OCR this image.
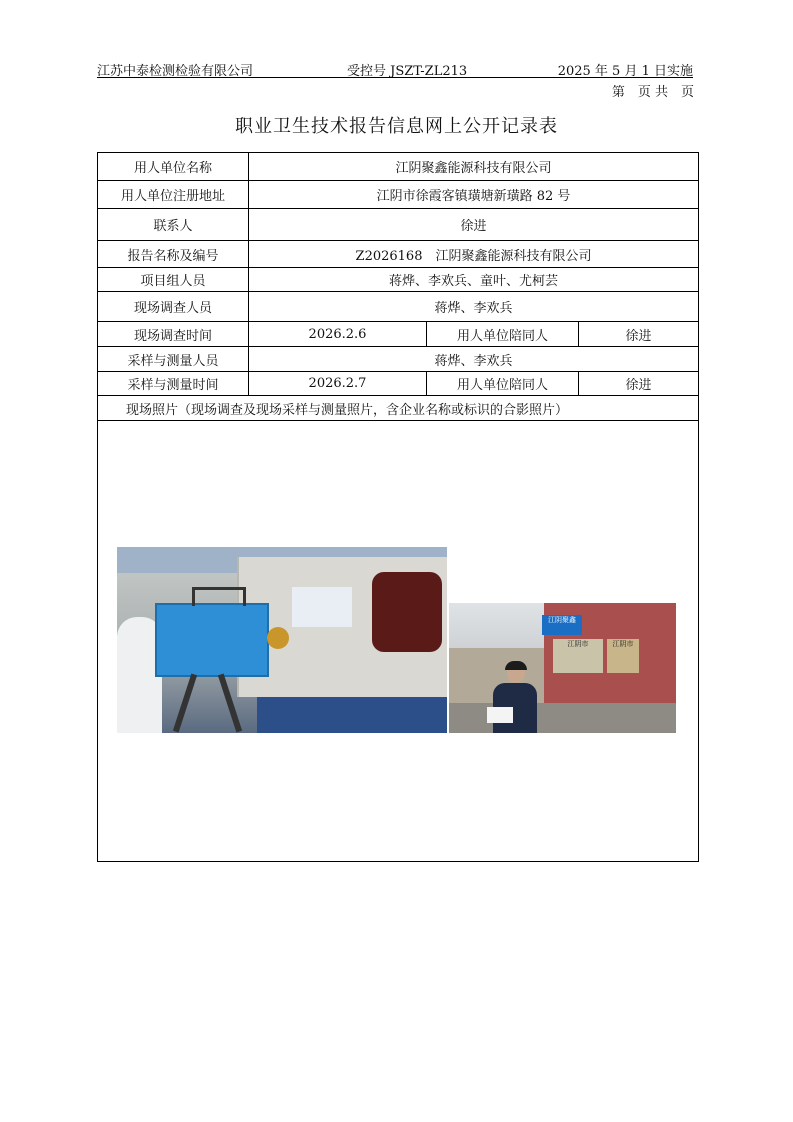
江苏中泰检测检验有限公司	受控号 JSZT-ZL213	2025 年 5 月 1 日实施
第　页 共　页
职业卫生技术报告信息网上公开记录表
用人单位名称	江阴聚鑫能源科技有限公司		
用人单位注册地址	江阴市徐霞客镇璜塘新璜路 82 号		
联系人	徐进		
报告名称及编号	Z2026168　江阴聚鑫能源科技有限公司		
项目组人员	蒋烨、李欢兵、童叶、尤柯芸		
现场调查人员	蒋烨、李欢兵		
现场调查时间	2026.2.6	用人单位陪同人	徐进
采样与测量人员	蒋烨、李欢兵		
采样与测量时间	2026.2.7	用人单位陪同人	徐进
现场照片（现场调查及现场采样与测量照片，含企业名称或标识的合影照片）			

江阴聚鑫
江阴市 江阴市			
